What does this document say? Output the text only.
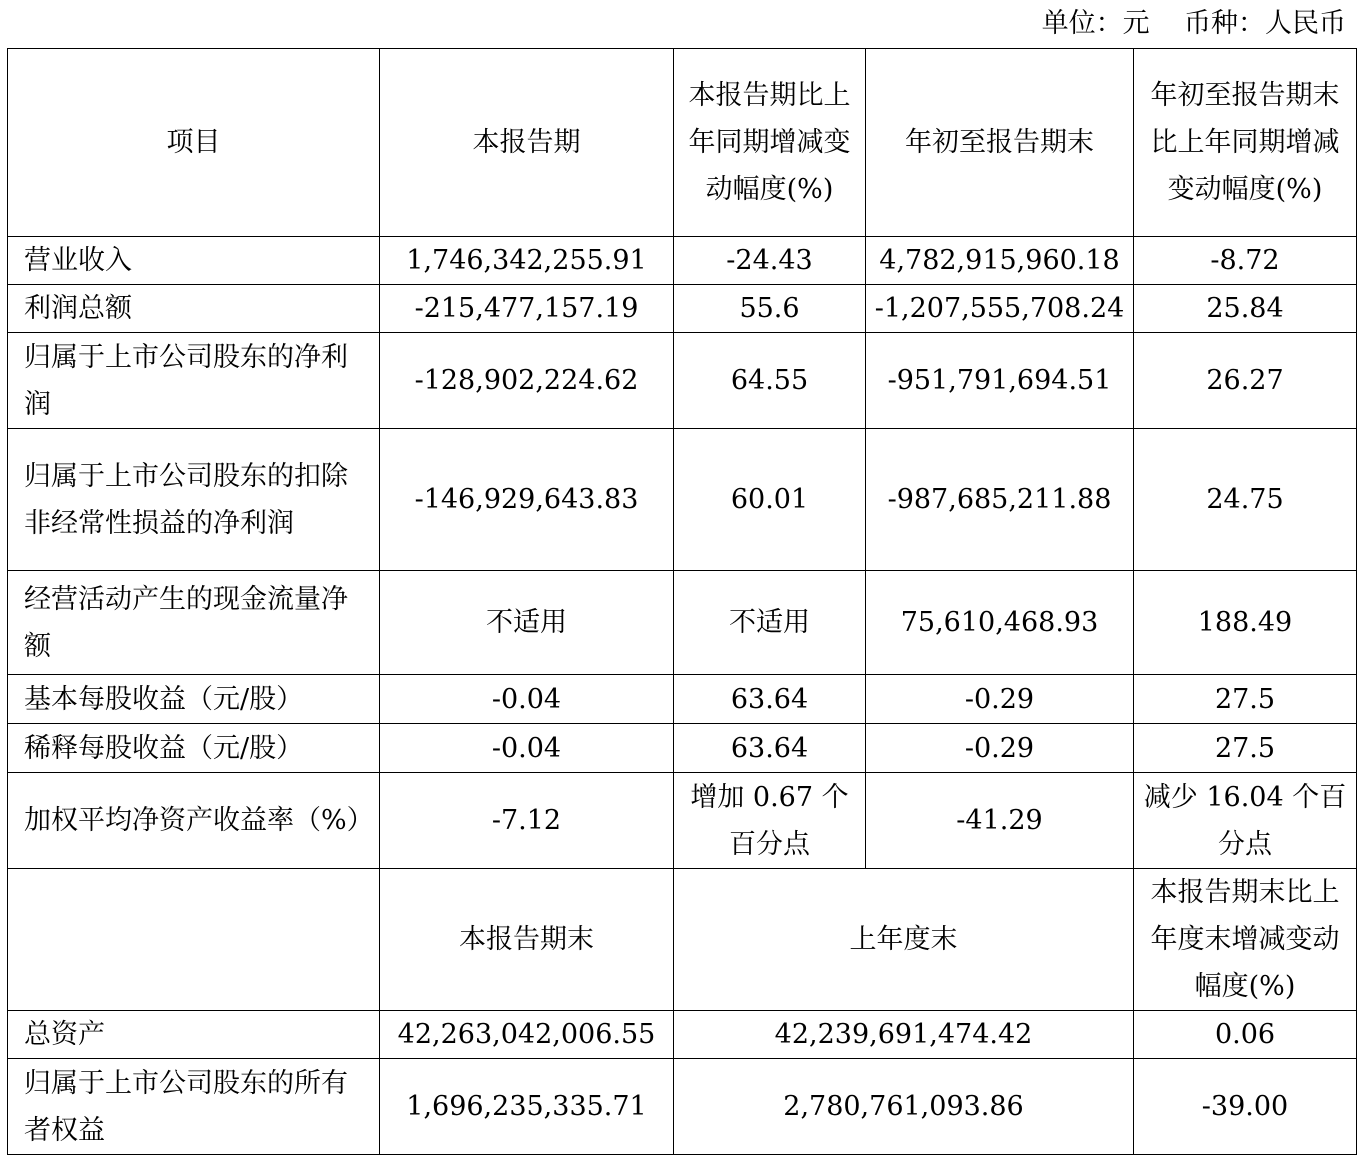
单位：元    币种：人民币
项目	本报告期	本报告期比上年同期增减变动幅度(%)	年初至报告期末	年初至报告期末比上年同期增减变动幅度(%)

营业收入	1,746,342,255.91	-24.43	4,782,915,960.18	-8.72
利润总额	-215,477,157.19	55.6	-1,207,555,708.24	25.84

归属于上市公司股东的净利润	-128,902,224.62	64.55	-951,791,694.51	26.27

归属于上市公司股东的扣除非经常性损益的净利润	-146,929,643.83	60.01	-987,685,211.88	24.75

经营活动产生的现金流量净额	不适用	不适用	75,610,468.93	188.49
基本每股收益（元/股）	-0.04	63.64	-0.29	27.5
稀释每股收益（元/股）	-0.04	63.64	-0.29	27.5

加权平均净资产收益率（%）	-7.12	增加 0.67 个百分点	-41.29	减少 16.04 个百分点

	本报告期末	上年度末		本报告期末比上年度末增减变动幅度(%)

总资产	42,263,042,006.55	42,239,691,474.42		0.06

归属于上市公司股东的所有者权益	1,696,235,335.71	2,780,761,093.86		-39.00
